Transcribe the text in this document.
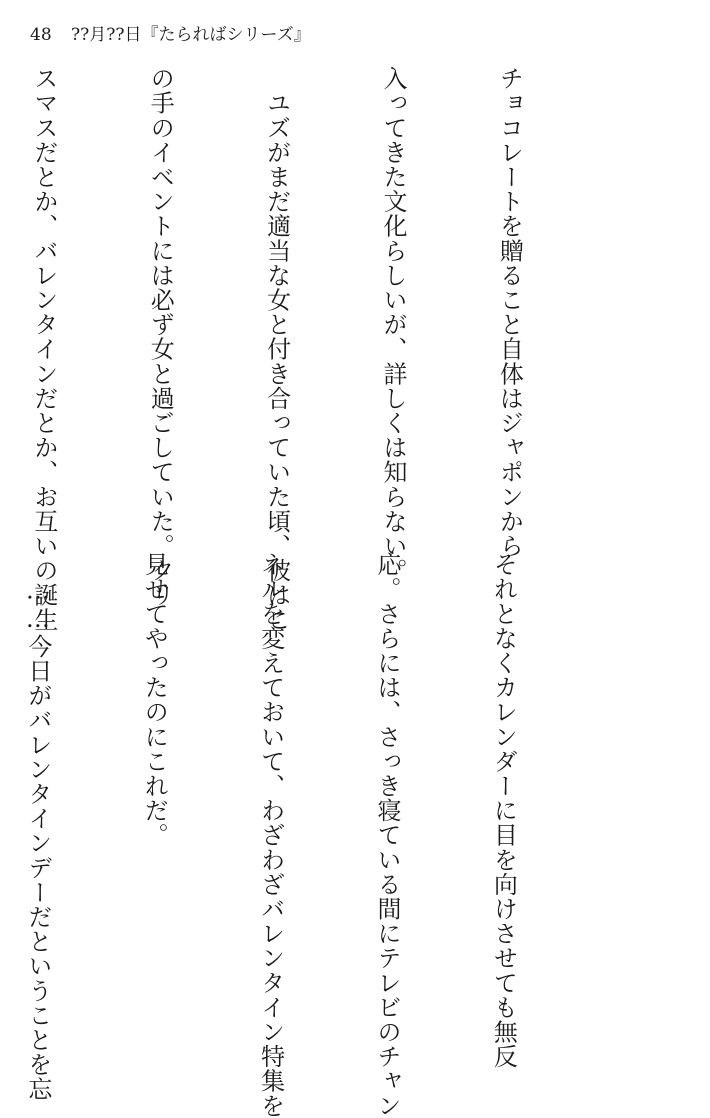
48 ??月??日『たらればシリーズ』

チョコレートを贈ること自体はジャポンから

入ってきた文化らしいが、詳しくは知らない。

　ユズがまだ適当な女と付き合っていた頃、彼はこ

の手のイベントには必ず女と過ごしていた。クリ

スマスだとか、バレンタインだとか、お互いの誕生

それとなくカレンダーに目を向けさせても無反

応。さらには、さっき寝ている間にテレビのチャン

ネルを変えておいて、わざわざバレンタイン特集を

見せてやったのにこれだ。

　……今日がバレンタインデーだということを忘
